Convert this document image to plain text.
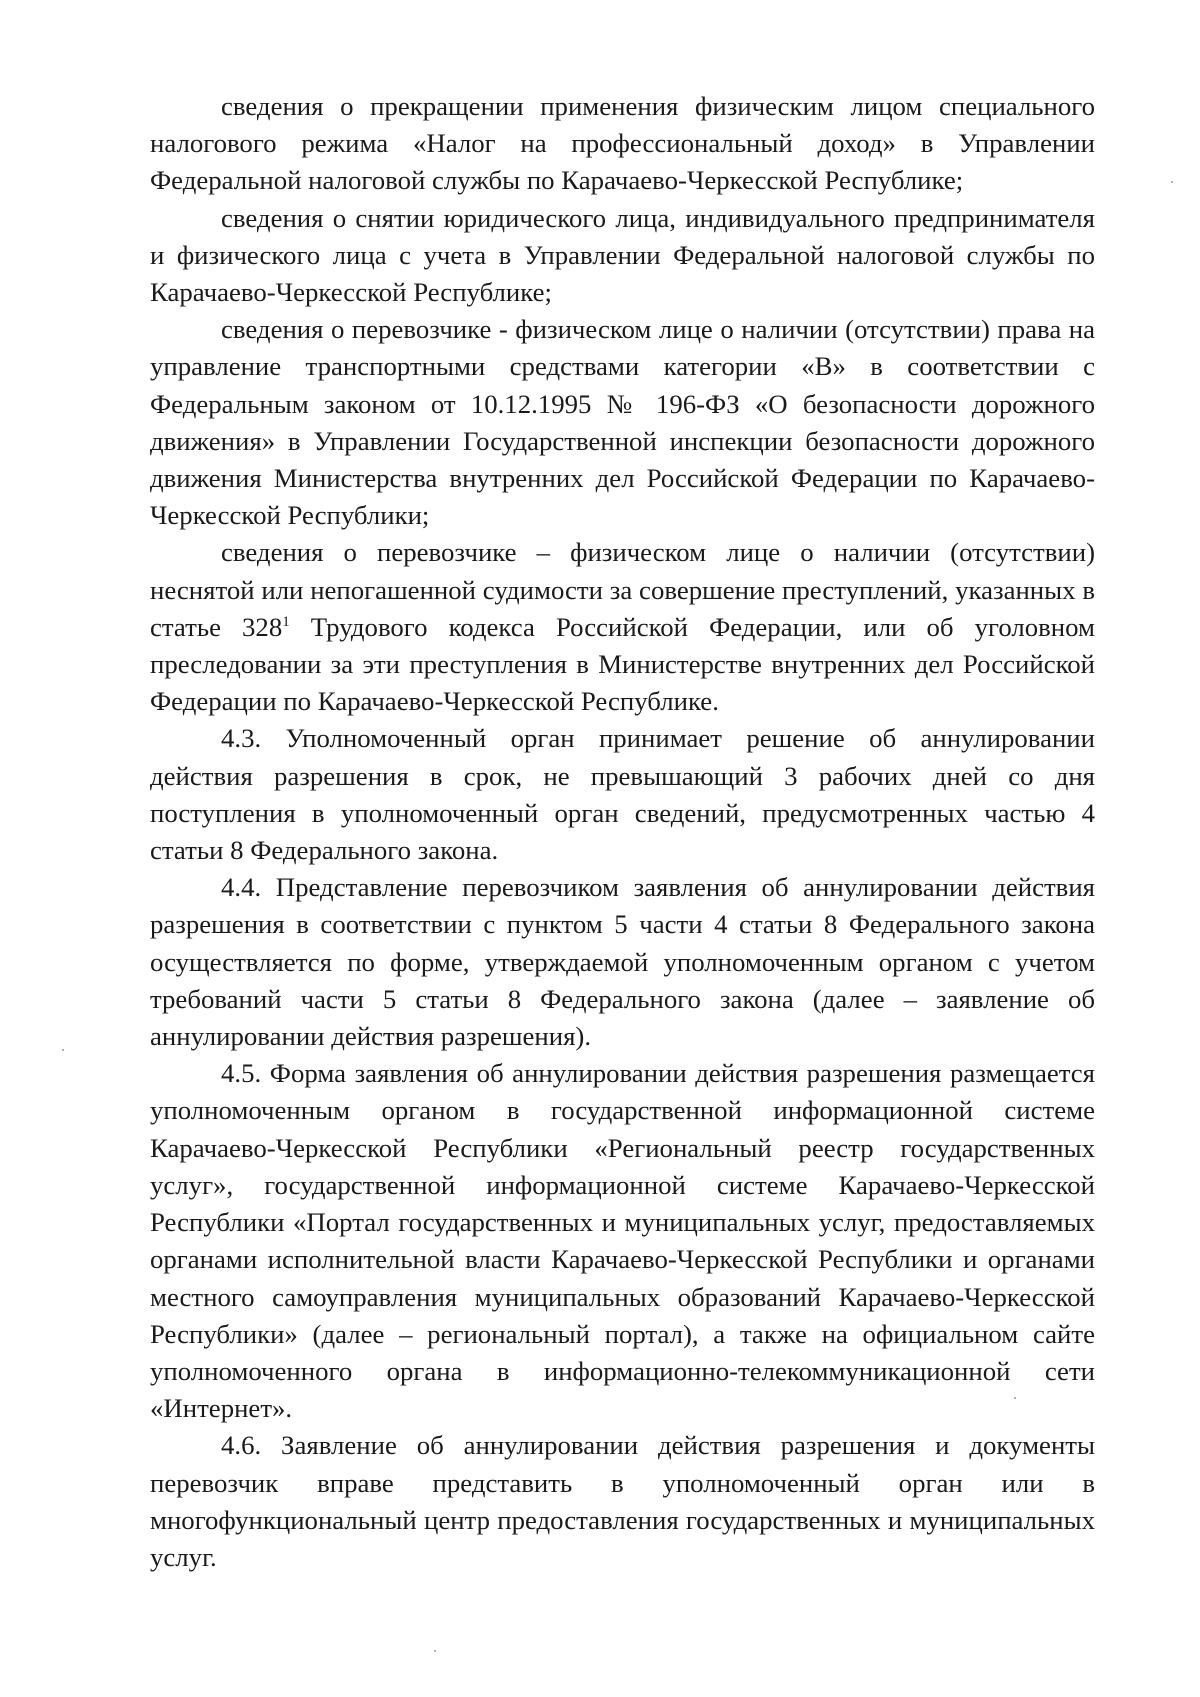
сведения о прекращении применения физическим лицом специального налогового режима «Налог на профессиональный доход» в Управлении Федеральной налоговой службы по Карачаево-Черкесской Республике;

сведения о снятии юридического лица, индивидуального предпринимателя и физического лица с учета в Управлении Федеральной налоговой службы по Карачаево-Черкесской Республике;

сведения о перевозчике - физическом лице о наличии (отсутствии) права на управление транспортными средствами категории «В» в соответствии с Федеральным законом от 10.12.1995 № 196-ФЗ «О безопасности дорожного движения» в Управлении Государственной инспекции безопасности дорожного движения Министерства внутренних дел Российской Федерации по Карачаево-Черкесской Республики;

сведения о перевозчике – физическом лице о наличии (отсутствии) неснятой или непогашенной судимости за совершение преступлений, указанных в статье $328^1$ Трудового кодекса Российской Федерации, или об уголовном преследовании за эти преступления в Министерстве внутренних дел Российской Федерации по Карачаево-Черкесской Республике.

4.3. Уполномоченный орган принимает решение об аннулировании действия разрешения в срок, не превышающий 3 рабочих дней со дня поступления в уполномоченный орган сведений, предусмотренных частью 4 статьи 8 Федерального закона.

4.4. Представление перевозчиком заявления об аннулировании действия разрешения в соответствии с пунктом 5 части 4 статьи 8 Федерального закона осуществляется по форме, утверждаемой уполномоченным органом с учетом требований части 5 статьи 8 Федерального закона (далее – заявление об аннулировании действия разрешения).

4.5. Форма заявления об аннулировании действия разрешения размещается уполномоченным органом в государственной информационной системе Карачаево-Черкесской Республики «Региональный реестр государственных услуг», государственной информационной системе Карачаево-Черкесской Республики «Портал государственных и муниципальных услуг, предоставляемых органами исполнительной власти Карачаево-Черкесской Республики и органами местного самоуправления муниципальных образований Карачаево-Черкесской Республики» (далее – региональный портал), а также на официальном сайте уполномоченного органа в информационно-телекоммуникационной сети «Интернет».

4.6. Заявление об аннулировании действия разрешения и документы перевозчик вправе представить в уполномоченный орган или в многофункциональный центр предоставления государственных и муниципальных услуг.
